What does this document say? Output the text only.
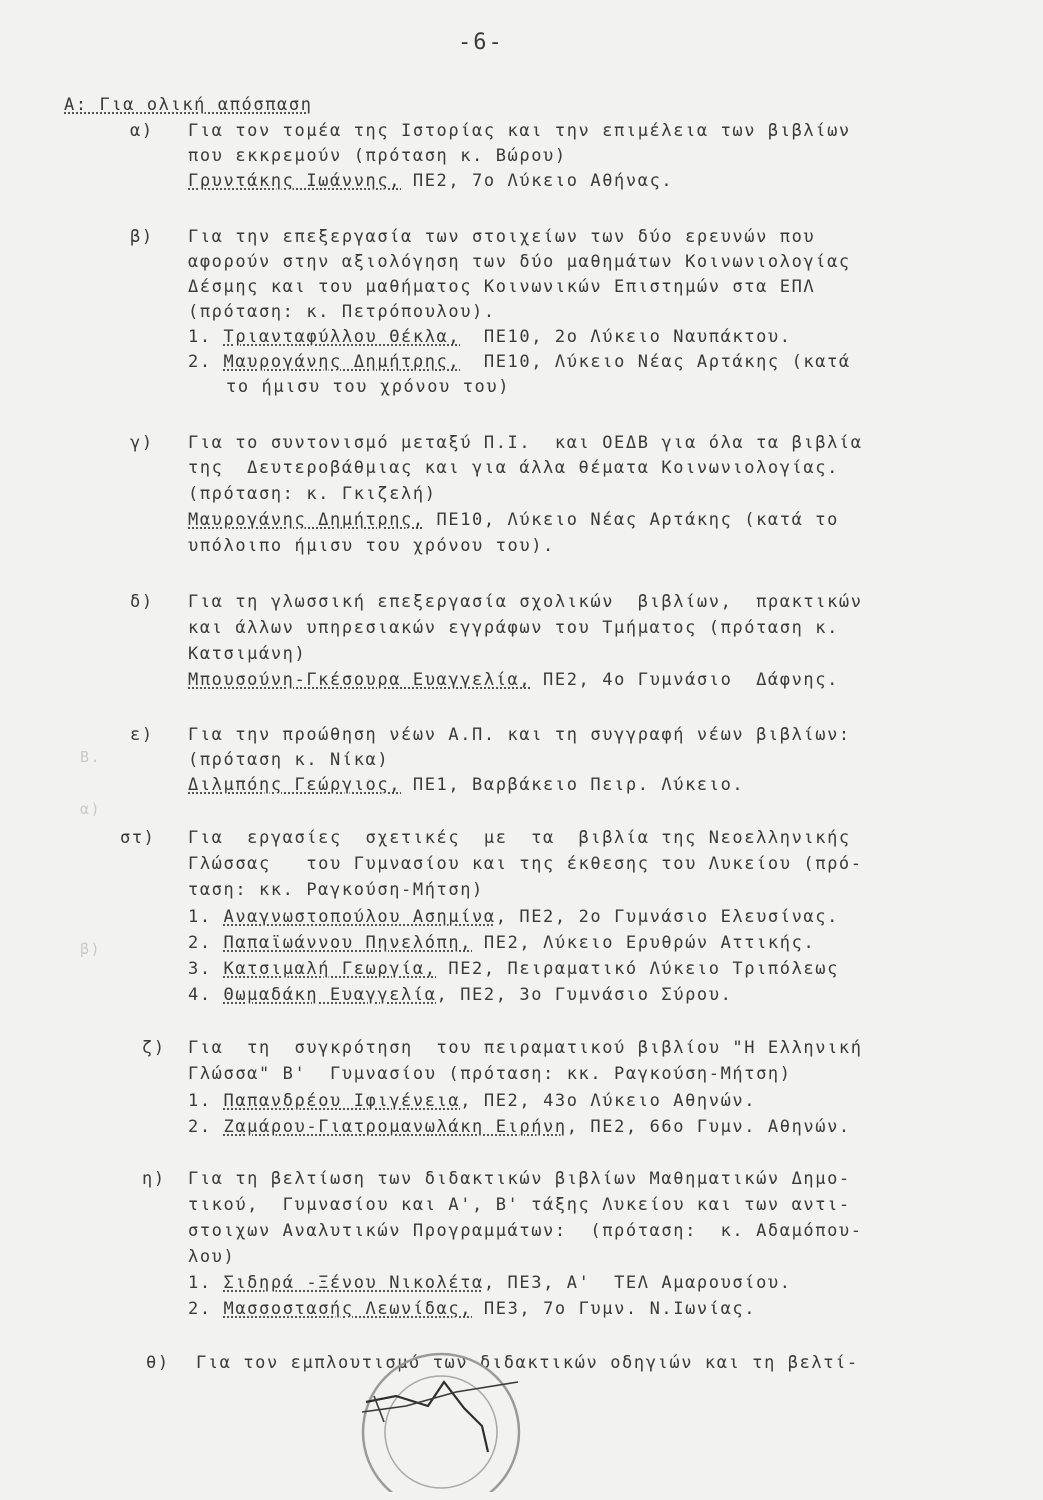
Β.
α)
β)
-6-
Α: Για ολική απόσπαση
α) Για τον τομέα της Ιστορίας και την επιμέλεια των βιβλίων
που εκκρεμούν (πρόταση κ. Βώρου)
Γρυντάκης Ιωάννης, ΠΕ2, 7ο Λύκειο Αθήνας.
β) Για την επεξεργασία των στοιχείων των δύο ερευνών που
αφορούν στην αξιολόγηση των δύο μαθημάτων Κοινωνιολογίας
Δέσμης και του μαθήματος Κοινωνικών Επιστημών στα ΕΠΛ
(πρόταση: κ. Πετρόπουλου).
1. Τριανταφύλλου Θέκλα,  ΠΕ10, 2ο Λύκειο Ναυπάκτου.
2. Μαυρογάνης Δημήτρης,  ΠΕ10, Λύκειο Νέας Αρτάκης (κατά
το ήμισυ του χρόνου του)
γ) Για το συντονισμό μεταξύ Π.Ι.  και ΟΕΔΒ για όλα τα βιβλία
της  Δευτεροβάθμιας και για άλλα θέματα Κοινωνιολογίας.
(πρόταση: κ. Γκιζελή)
Μαυρογάνης Δημήτρης, ΠΕ10, Λύκειο Νέας Αρτάκης (κατά το
υπόλοιπο ήμισυ του χρόνου του).
δ) Για τη γλωσσική επεξεργασία σχολικών  βιβλίων,  πρακτικών
και άλλων υπηρεσιακών εγγράφων του Τμήματος (πρόταση κ.
Κατσιμάνη)
Μπουσούνη-Γκέσουρα Ευαγγελία, ΠΕ2, 4ο Γυμνάσιο  Δάφνης.
ε) Για την προώθηση νέων Α.Π. και τη συγγραφή νέων βιβλίων:
(πρόταση κ. Νίκα)
Διλμπόης Γεώργιος, ΠΕ1, Βαρβάκειο Πειρ. Λύκειο.
στ) Για  εργασίες  σχετικές  με  τα  βιβλία της Νεοελληνικής
Γλώσσας   του Γυμνασίου και της έκθεσης του Λυκείου (πρό-
ταση: κκ. Ραγκούση-Μήτση)
1. Αναγνωστοπούλου Ασημίνα, ΠΕ2, 2ο Γυμνάσιο Ελευσίνας.
2. Παπαϊωάννου Πηνελόπη, ΠΕ2, Λύκειο Ερυθρών Αττικής.
3. Κατσιμαλή Γεωργία, ΠΕ2, Πειραματικό Λύκειο Τριπόλεως
4. Θωμαδάκη Ευαγγελία, ΠΕ2, 3ο Γυμνάσιο Σύρου.
ζ) Για  τη  συγκρότηση  του πειραματικού βιβλίου "Η Ελληνική
Γλώσσα" Β'  Γυμνασίου (πρόταση: κκ. Ραγκούση-Μήτση)
1. Παπανδρέου Ιφιγένεια, ΠΕ2, 43ο Λύκειο Αθηνών.
2. Ζαμάρου-Γιατρομανωλάκη Ειρήνη, ΠΕ2, 66ο Γυμν. Αθηνών.
η) Για τη βελτίωση των διδακτικών βιβλίων Μαθηματικών Δημο-
τικού,  Γυμνασίου και Α', Β' τάξης Λυκείου και των αντι-
στοιχων Αναλυτικών Προγραμμάτων:  (πρόταση:  κ. Αδαμόπου-
λου)
1. Σιδηρά -Ξένου Νικολέτα, ΠΕ3, Α'  ΤΕΛ Αμαρουσίου.
2. Μασσοστασής Λεωνίδας, ΠΕ3, 7ο Γυμν. Ν.Ιωνίας.
θ) Για τον εμπλουτισμό των διδακτικών οδηγιών και τη βελτί-
